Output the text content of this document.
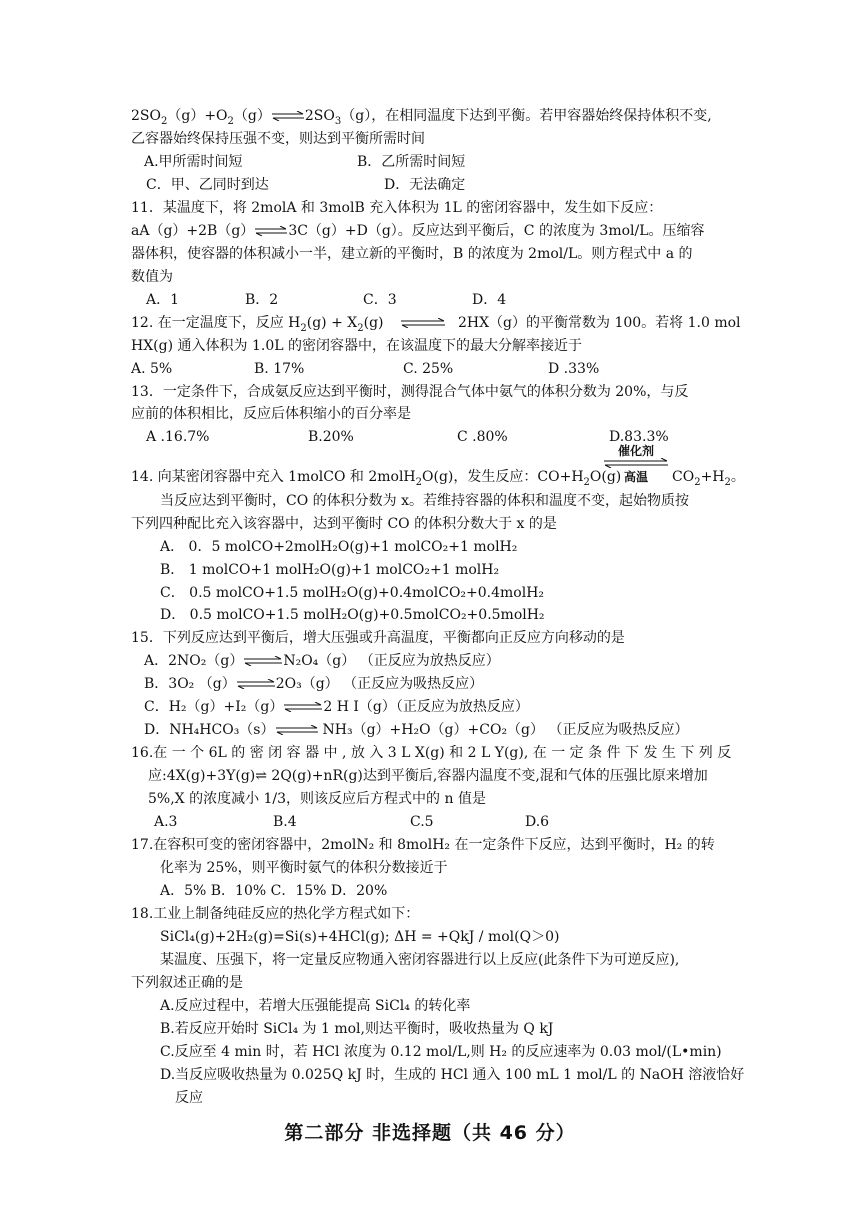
$2SO_2(g)+O_2(g)\rightleftharpoons 2SO_3(g)$，在相同温度下达到平衡。若甲容器始终保持体积不变,
乙容器始终保持压强不变，则达到平衡所需时间
A.甲所需时间短	B．乙所需时间短
C．甲、乙同时到达	D．无法确定
11．某温度下，将 2molA 和 3molB 充入体积为 1L 的密闭容器中，发生如下反应：
aA（g）+2B（g）⇌3C（g）+D（g）。反应达到平衡后，C 的浓度为 3mol/L。压缩容
器体积，使容器的体积减小一半，建立新的平衡时，B 的浓度为 2mol/L。则方程式中 a 的
数值为
A．1	B．2	C．3	D．4
12. 在一定温度下，反应 $H_2(g) + X_2(g)$ ⇌ 2HX（g）的平衡常数为 100。若将 1.0 mol
HX(g) 通入体积为 1.0L 的密闭容器中，在该温度下的最大分解率接近于
A. 5%	B. 17%	C. 25%	D .33%
13．一定条件下，合成氨反应达到平衡时，测得混合气体中氨气的体积分数为 20%，与反
应前的体积相比，反应后体积缩小的百分率是
A .16.7%	B.20%	C .80%	D.83.3%
催化剂
高温
14. 向某密闭容器中充入 1molCO 和 2molH$_2$O(g)，发生反应：$CO+H_2O(g)$	$CO_2+H_2$。
当反应达到平衡时，CO 的体积分数为 x。若维持容器的体积和温度不变，起始物质按
下列四种配比充入该容器中，达到平衡时 CO 的体积分数大于 x 的是
A． 0．5 molCO+2molH₂O(g)+1 molCO₂+1 molH₂
B． 1 molCO+1 molH₂O(g)+1 molCO₂+1 molH₂
C． 0.5 molCO+1.5 molH₂O(g)+0.4molCO₂+0.4molH₂
D． 0.5 molCO+1.5 molH₂O(g)+0.5molCO₂+0.5molH₂
15．下列反应达到平衡后，增大压强或升高温度，平衡都向正反应方向移动的是
A．2NO₂（g）⇌N₂O₄（g） （正反应为放热反应）
B．3O₂ （g）⇌2O₃（g） （正反应为吸热反应）
C．H₂（g）+I₂（g）⇌2 H I（g）（正反应为放热反应）
D．NH₄HCO₃（s）⇌ NH₃（g）+H₂O（g）+CO₂（g） （正反应为吸热反应）
16.在 一 个 6L 的 密 闭 容 器 中 , 放 入 3 L X(g) 和 2 L Y(g), 在 一 定 条 件 下 发 生 下 列 反
应:4X(g)+3Y(g)⇌ 2Q(g)+nR(g)达到平衡后,容器内温度不变,混和气体的压强比原来增加
5%,X 的浓度减小 1/3，则该反应后方程式中的 n 值是
A.3	B.4	C.5	D.6
17.在容积可变的密闭容器中，2molN₂ 和 8molH₂ 在一定条件下反应，达到平衡时，H₂ 的转
化率为 25%，则平衡时氨气的体积分数接近于
A．5% B．10% C．15% D．20%
18.工业上制备纯硅反应的热化学方程式如下：
SiCl₄(g)+2H₂(g)=Si(s)+4HCl(g); ΔH = +QkJ / mol(Q＞0)
某温度、压强下，将一定量反应物通入密闭容器进行以上反应(此条件下为可逆反应),
下列叙述正确的是
A.反应过程中，若增大压强能提高 SiCl₄ 的转化率
B.若反应开始时 SiCl₄ 为 1 mol,则达平衡时，吸收热量为 Q kJ
C.反应至 4 min 时，若 HCl 浓度为 0.12 mol/L,则 H₂ 的反应速率为 0.03 mol/(L•min)
D.当反应吸收热量为 0.025Q kJ 时，生成的 HCl 通入 100 mL 1 mol/L 的 NaOH 溶液恰好
反应
第二部分 非选择题（共 46 分）
